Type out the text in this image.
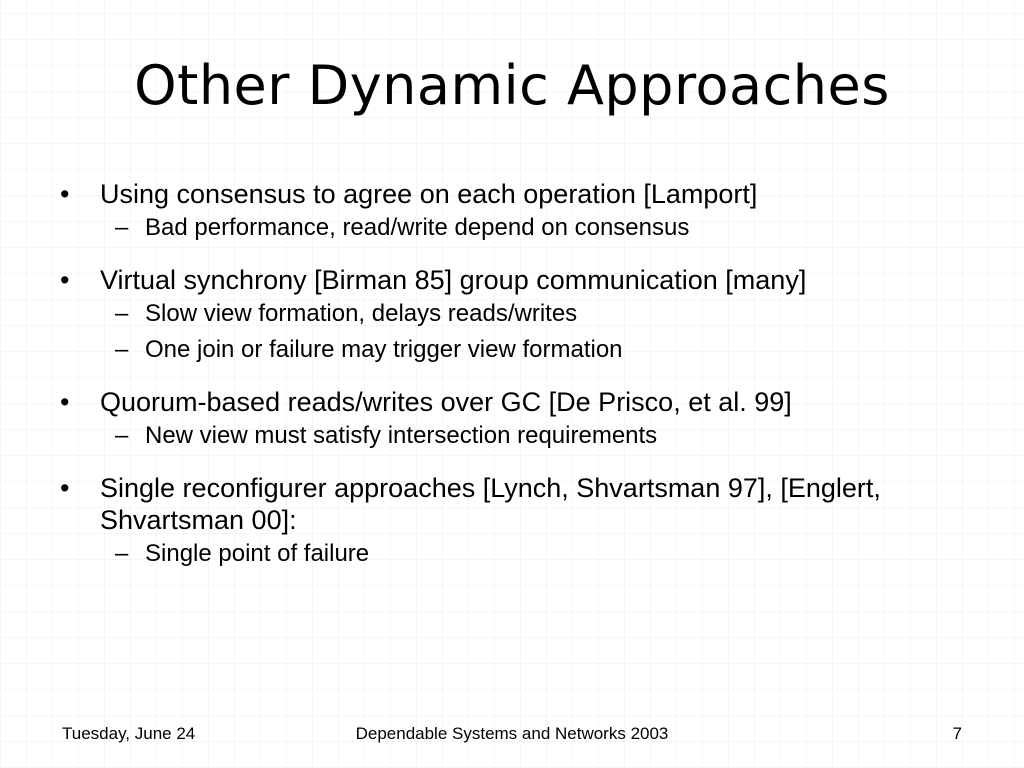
Other Dynamic Approaches
•	Using consensus to agree on each operation [Lamport]
– Bad performance, read/write depend on consensus
•	Virtual synchrony [Birman 85] group communication [many]
– Slow view formation, delays reads/writes
– One join or failure may trigger view formation
•	Quorum-based reads/writes over GC [De Prisco, et al. 99]
– New view must satisfy intersection requirements
•	Single reconfigurer approaches [Lynch, Shvartsman 97], [Englert, Shvartsman 00]:
– Single point of failure
Dependable Systems and Networks 2003
Tuesday, June 24	7
